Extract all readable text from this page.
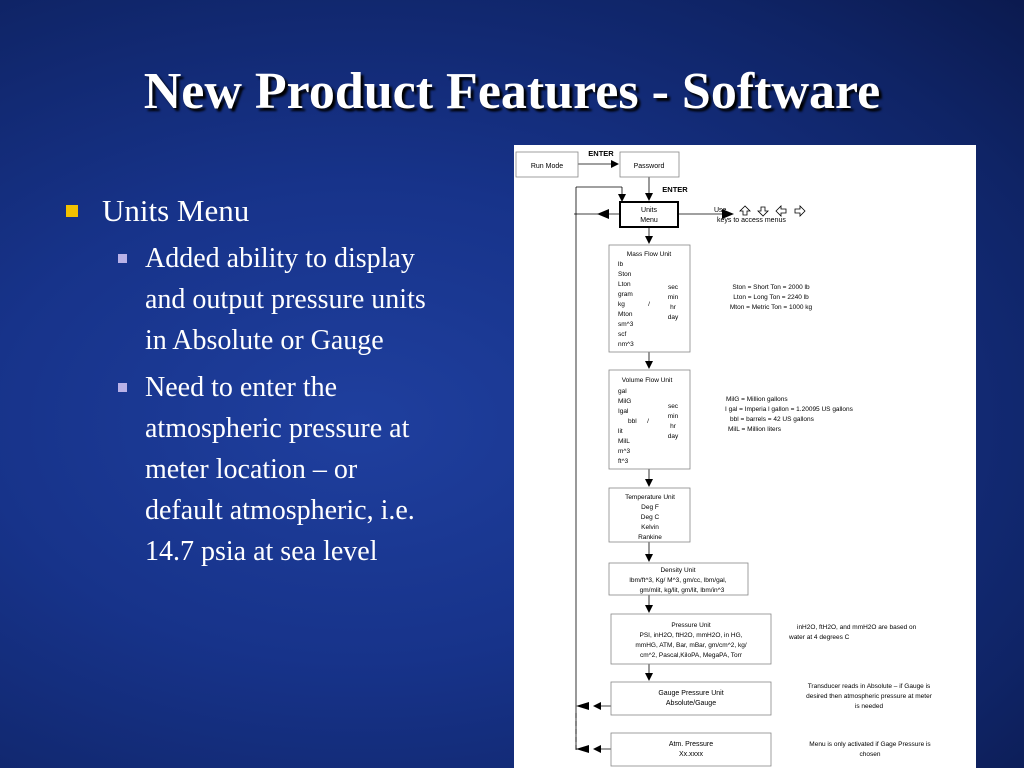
New Product Features - Software
Units Menu
Added ability to display
and output pressure units
in Absolute or Gauge
Need to enter the
atmospheric pressure at
meter location – or
default atmospheric, i.e.
14.7 psia at sea level
Run Mode
ENTER
Password
ENTER
Units
Menu
Use
keys to access menus
Mass Flow Unit
lb
Ston
Lton
gram
kg
Mton
sm^3
scf
nm^3
/
sec
min
hr
day
Ston = Short Ton = 2000 lb
Lton = Long Ton = 2240 lb
Mton = Metric Ton = 1000 kg
Volume Flow Unit
gal
MilG
Igal
bbl
lit
MilL
m^3
ft^3
/
sec
min
hr
day
MilG = Million gallons
I gal = Imperia l gallon = 1.20095 US gallons
bbl = barrels = 42 US gallons
MilL = Million liters
Temperature Unit
Deg F
Deg C
Kelvin
Rankine
Density Unit
lbm/ft^3, Kg/ M^3, gm/cc, lbm/gal,
gm/mlit, kg/lit, gm/lit, lbm/in^3
Pressure Unit
PSI, inH2O, ftH2O, mmH2O, in HG,
mmHG, ATM, Bar, mBar, gm/cm^2, kg/
cm^2, Pascal,KiloPA, MegaPA, Torr
inH2O, ftH2O, and mmH2O are based on
water at 4 degrees C
Gauge Pressure Unit
Absolute/Gauge
Transducer reads in Absolute – if Gauge is
desired then atmospheric pressure at meter
is needed
Atm. Pressure
Xx.xxxx
Menu is only activated if Gage Pressure is
chosen
